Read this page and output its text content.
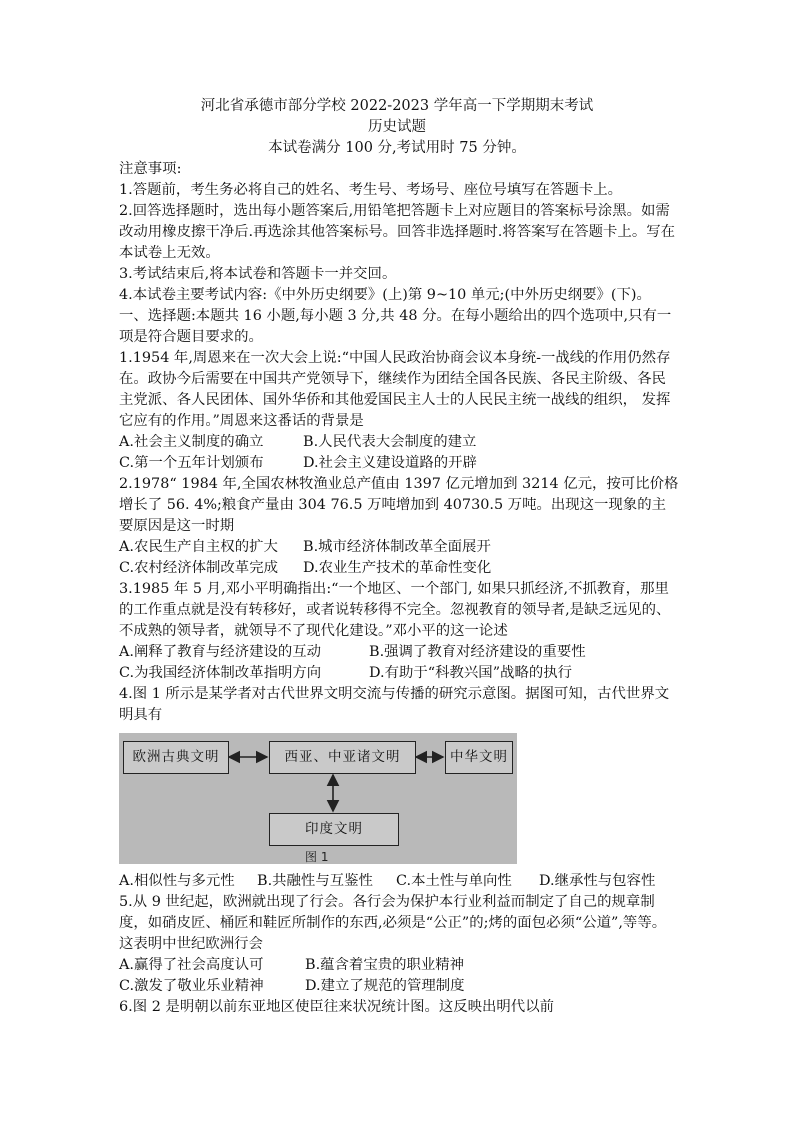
河北省承德市部分学校 2022-2023 学年高一下学期期末考试
历史试题
本试卷满分 100 分,考试用时 75 分钟。

注意事项:

1.答题前，考生务必将自己的姓名、考生号、考场号、座位号填写在答题卡上。

2.回答选择题时，选出每小题答案后,用铅笔把答题卡上对应题目的答案标号涂黑。如需改动用橡皮擦干净后.再选涂其他答案标号。回答非选择题时.将答案写在答题卡上。写在本试卷上无效。

3.考试结束后,将本试卷和答题卡一并交回。

4.本试卷主要考试内容:《中外历史纲要》(上)第 9~10 单元;(中外历史纲要》(下)。

一、选择题:本题共 16 小题,每小题 3 分,共 48 分。在每小题给出的四个选项中,只有一项是符合题目要求的。

1.1954 年,周恩来在一次大会上说:“中国人民政治协商会议本身统-一战线的作用仍然存在。政协今后需要在中国共产党领导下，继续作为团结全国各民族、各民主阶级、各民主党派、各人民团体、国外华侨和其他爱国民主人士的人民民主统一战线的组织， 发挥它应有的作用。”周恩来这番话的背景是

A.社会主义制度的确立	B.人民代表大会制度的建立
C.第一个五年计划颁布	D.社会主义建设道路的开辟

2.1978“ 1984 年,全国农林牧渔业总产值由 1397 亿元增加到 3214 亿元，按可比价格增长了 56. 4%;粮食产量由 304 76.5 万吨增加到 40730.5 万吨。出现这一现象的主要原因是这一时期

A.农民生产自主权的扩大	B.城市经济体制改革全面展开
C.农村经济体制改革完成	D.农业生产技术的革命性变化

3.1985 年 5 月,邓小平明确指出:“一个地区、一个部门, 如果只抓经济,不抓教育，那里的工作重点就是没有转移好，或者说转移得不完全。忽视教育的领导者,是缺乏远见的、不成熟的领导者，就领导不了现代化建设。”邓小平的这一论述

A.阐释了教育与经济建设的互动	B.强调了教育对经济建设的重要性
C.为我国经济体制改革指明方向	D.有助于“科教兴国”战略的执行

4.图 1 所示是某学者对古代世界文明交流与传播的研究示意图。据图可知，古代世界文明具有

欧洲古典文明	西亚、中亚诸文明	中华文明
印度文明
图 1
A.相似性与多元性	B.共融性与互鉴性	C.本土性与单向性	D.继承性与包容性

5.从 9 世纪起，欧洲就出现了行会。各行会为保护本行业利益而制定了自己的规章制度，如硝皮匠、桶匠和鞋匠所制作的东西,必须是“公正”的;烤的面包必须“公道”,等等。这表明中世纪欧洲行会

A.赢得了社会高度认可	B.蕴含着宝贵的职业精神
C.激发了敬业乐业精神	D.建立了规范的管理制度

6.图 2 是明朝以前东亚地区使臣往来状况统计图。这反映出明代以前
